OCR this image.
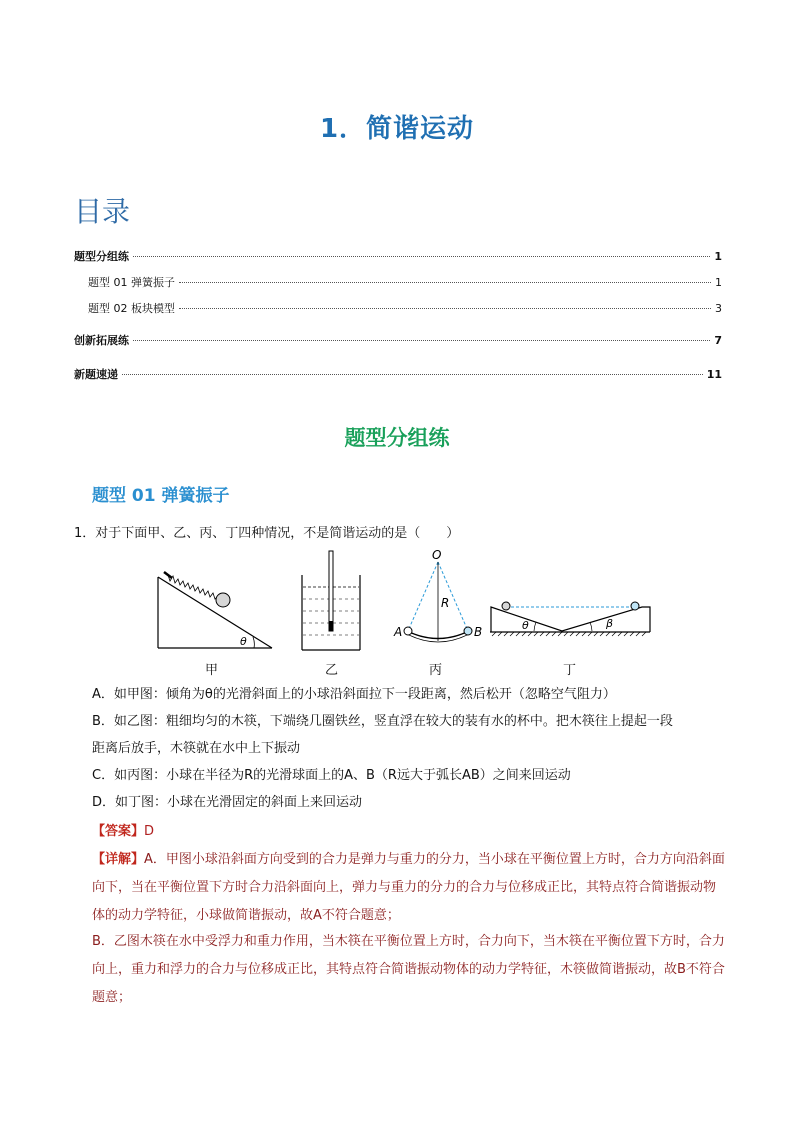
1．简谐运动
目录
题型分组练	1
题型 01 弹簧振子	1
题型 02 板块模型	3
创新拓展练	7
新题速递	11
题型分组练
题型 01 弹簧振子
1．对于下面甲、乙、丙、丁四种情况，不是简谐运动的是（　　）
θ
O
R
A	B	θ	β
甲	乙	丙	丁
A．如甲图：倾角为θ的光滑斜面上的小球沿斜面拉下一段距离，然后松开（忽略空气阻力）
B．如乙图：粗细均匀的木筷，下端绕几圈铁丝，竖直浮在较大的装有水的杯中。把木筷往上提起一段
距离后放手，木筷就在水中上下振动
C．如丙图：小球在半径为R的光滑球面上的A、B（R远大于弧长AB）之间来回运动
D．如丁图：小球在光滑固定的斜面上来回运动
【答案】D
【详解】A．甲图小球沿斜面方向受到的合力是弹力与重力的分力，当小球在平衡位置上方时，合力方向沿斜面向下，当在平衡位置下方时合力沿斜面向上，弹力与重力的分力的合力与位移成正比，其特点符合简谐振动物体的动力学特征，小球做简谐振动，故A不符合题意；
B．乙图木筷在水中受浮力和重力作用，当木筷在平衡位置上方时，合力向下，当木筷在平衡位置下方时，合力向上，重力和浮力的合力与位移成正比，其特点符合简谐振动物体的动力学特征，木筷做简谐振动，故B不符合题意；
